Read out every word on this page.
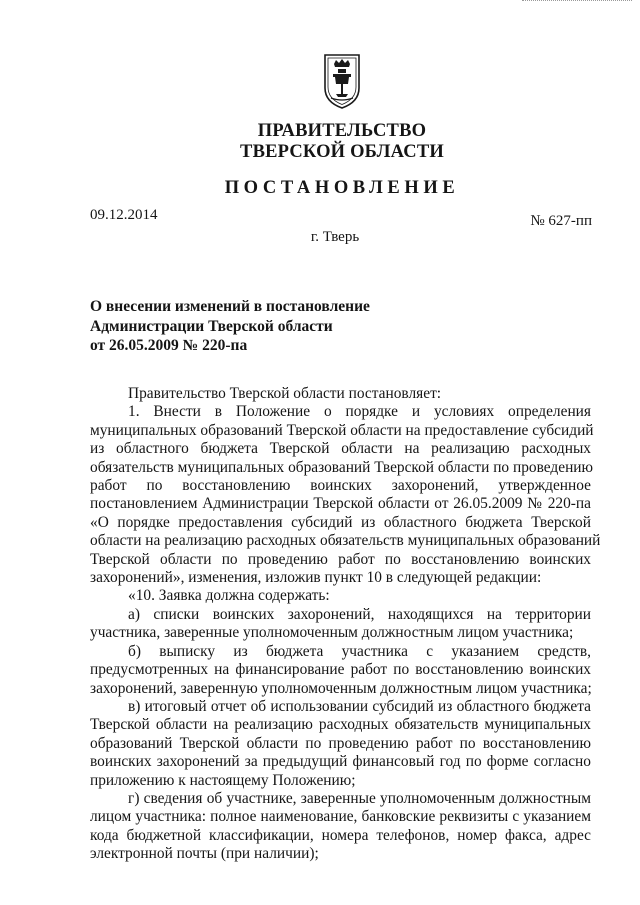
ПРАВИТЕЛЬСТВО
ТВЕРСКОЙ ОБЛАСТИ
ПОСТАНОВЛЕНИЕ
09.12.2014	№ 627-пп
г. Тверь
О внесении изменений в постановление
Администрации Тверской области
от 26.05.2009 № 220-па
Правительство Тверской области постановляет:
1. Внести в Положение о порядке и условиях определения
муниципальных образований Тверской области на предоставление субсидий
из областного бюджета Тверской области на реализацию расходных
обязательств муниципальных образований Тверской области по проведению
работ по восстановлению воинских захоронений, утвержденное
постановлением Администрации Тверской области от 26.05.2009 № 220-па
«О порядке предоставления субсидий из областного бюджета Тверской
области на реализацию расходных обязательств муниципальных образований
Тверской области по проведению работ по восстановлению воинских
захоронений», изменения, изложив пункт 10 в следующей редакции:
«10. Заявка должна содержать:
а) списки воинских захоронений, находящихся на территории
участника, заверенные уполномоченным должностным лицом участника;
б) выписку из бюджета участника с указанием средств,
предусмотренных на финансирование работ по восстановлению воинских
захоронений, заверенную уполномоченным должностным лицом участника;
в) итоговый отчет об использовании субсидий из областного бюджета
Тверской области на реализацию расходных обязательств муниципальных
образований Тверской области по проведению работ по восстановлению
воинских захоронений за предыдущий финансовый год по форме согласно
приложению к настоящему Положению;
г) сведения об участнике, заверенные уполномоченным должностным
лицом участника: полное наименование, банковские реквизиты с указанием
кода бюджетной классификации, номера телефонов, номер факса, адрес
электронной почты (при наличии);
